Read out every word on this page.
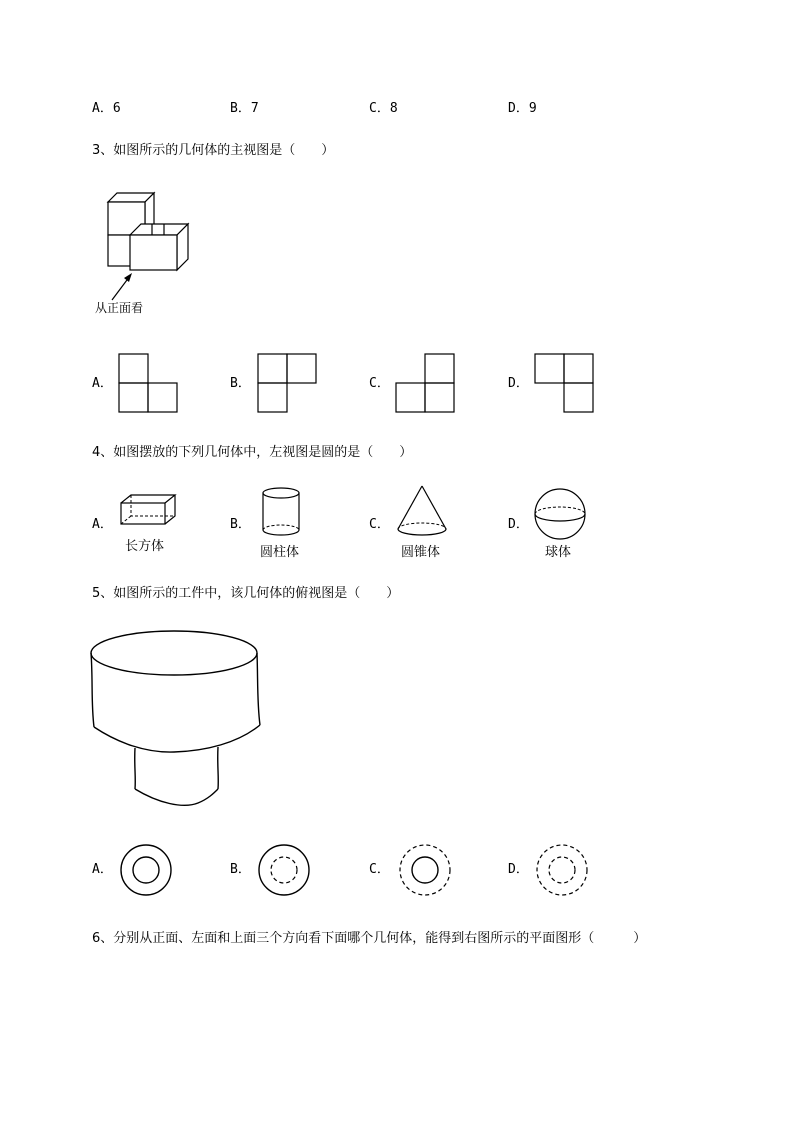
A．6	B．7	C．8	D．9
3、如图所示的几何体的主视图是（　　）
从正面看
A．	B．	C．	D．
4、如图摆放的下列几何体中，左视图是圆的是（　　）
A．
长方体
B．
圆柱体
C．
圆锥体
D．
球体
5、如图所示的工件中，该几何体的俯视图是（　　）
A．	B．	C．	D．
6、分别从正面、左面和上面三个方向看下面哪个几何体，能得到右图所示的平面图形（　　　）
